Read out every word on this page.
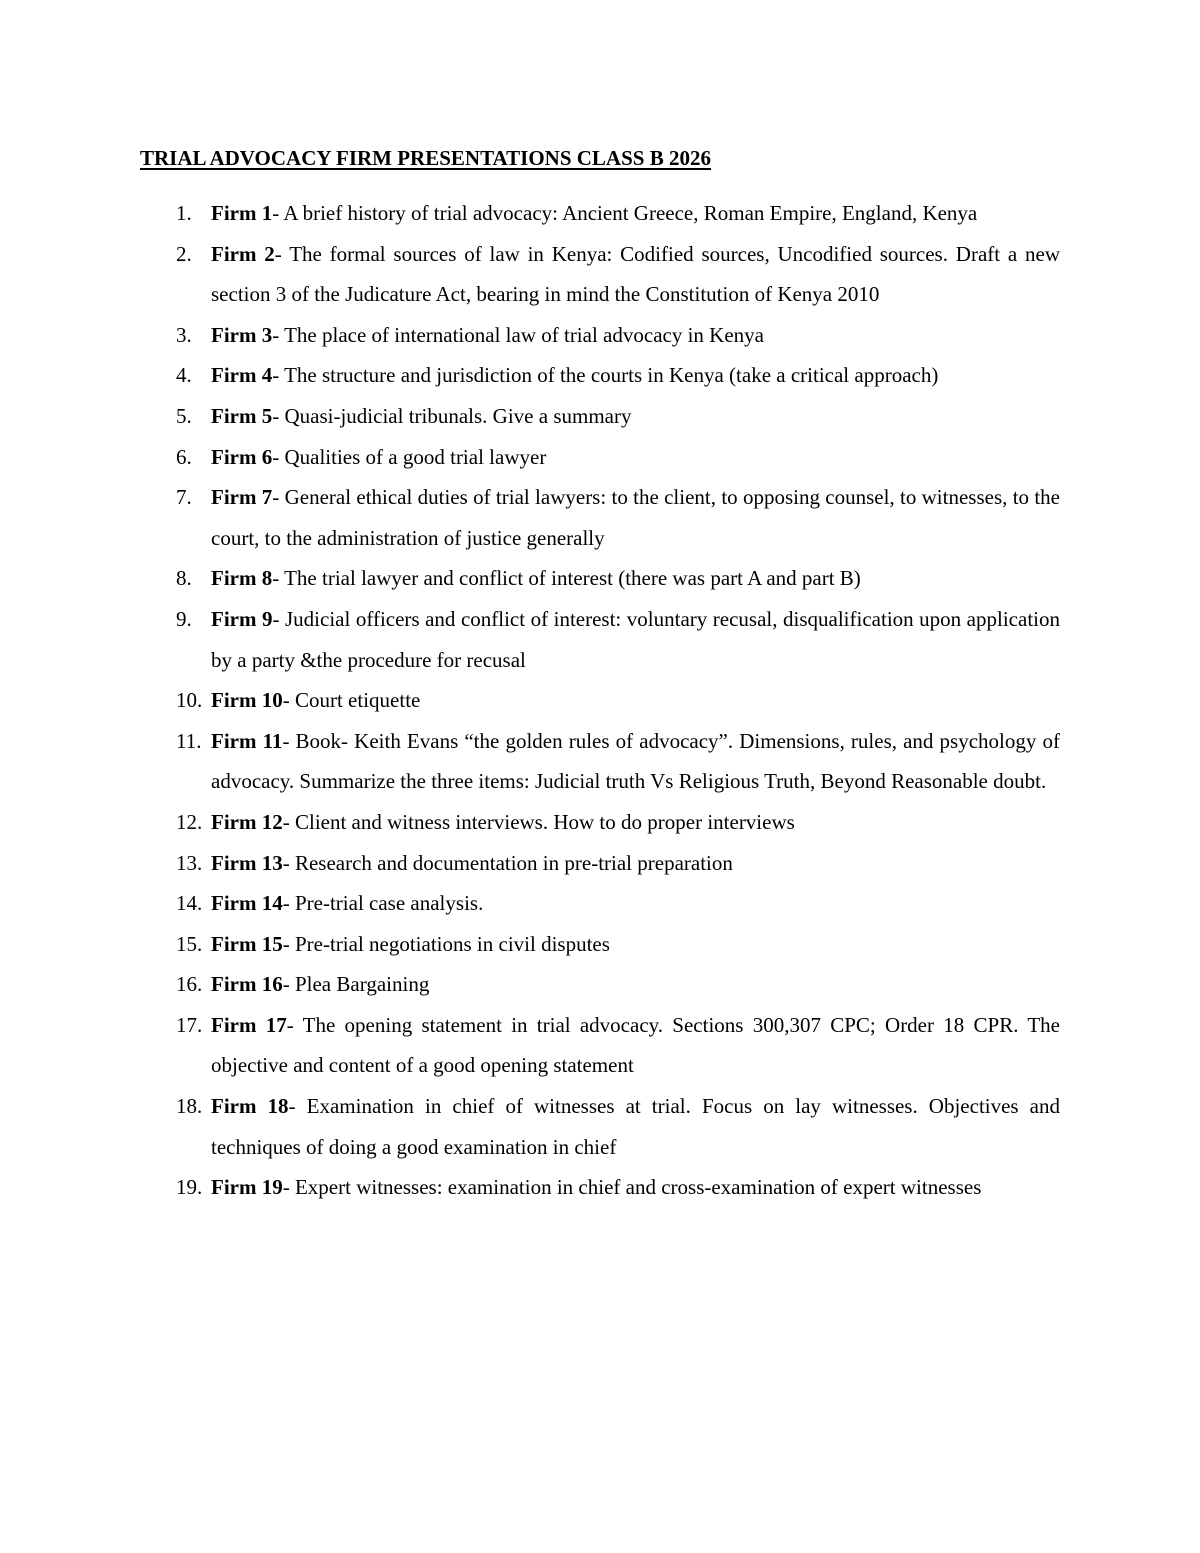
TRIAL ADVOCACY FIRM PRESENTATIONS CLASS B 2026
1. Firm 1- A brief history of trial advocacy: Ancient Greece, Roman Empire, England, Kenya
2. Firm 2- The formal sources of law in Kenya: Codified sources, Uncodified sources. Draft a new section 3 of the Judicature Act, bearing in mind the Constitution of Kenya 2010
3. Firm 3- The place of international law of trial advocacy in Kenya
4. Firm 4- The structure and jurisdiction of the courts in Kenya (take a critical approach)
5. Firm 5- Quasi-judicial tribunals. Give a summary
6. Firm 6- Qualities of a good trial lawyer
7. Firm 7- General ethical duties of trial lawyers: to the client, to opposing counsel, to witnesses, to the court, to the administration of justice generally
8. Firm 8- The trial lawyer and conflict of interest (there was part A and part B)
9. Firm 9- Judicial officers and conflict of interest: voluntary recusal, disqualification upon application by a party &the procedure for recusal
10. Firm 10- Court etiquette
11. Firm 11- Book- Keith Evans “the golden rules of advocacy”. Dimensions, rules, and psychology of advocacy. Summarize the three items: Judicial truth Vs Religious Truth, Beyond Reasonable doubt.
12. Firm 12- Client and witness interviews. How to do proper interviews
13. Firm 13- Research and documentation in pre-trial preparation
14. Firm 14- Pre-trial case analysis.
15. Firm 15- Pre-trial negotiations in civil disputes
16. Firm 16- Plea Bargaining
17. Firm 17- The opening statement in trial advocacy. Sections 300,307 CPC; Order 18 CPR. The objective and content of a good opening statement
18. Firm 18- Examination in chief of witnesses at trial. Focus on lay witnesses. Objectives and techniques of doing a good examination in chief
19. Firm 19- Expert witnesses: examination in chief and cross-examination of expert witnesses
